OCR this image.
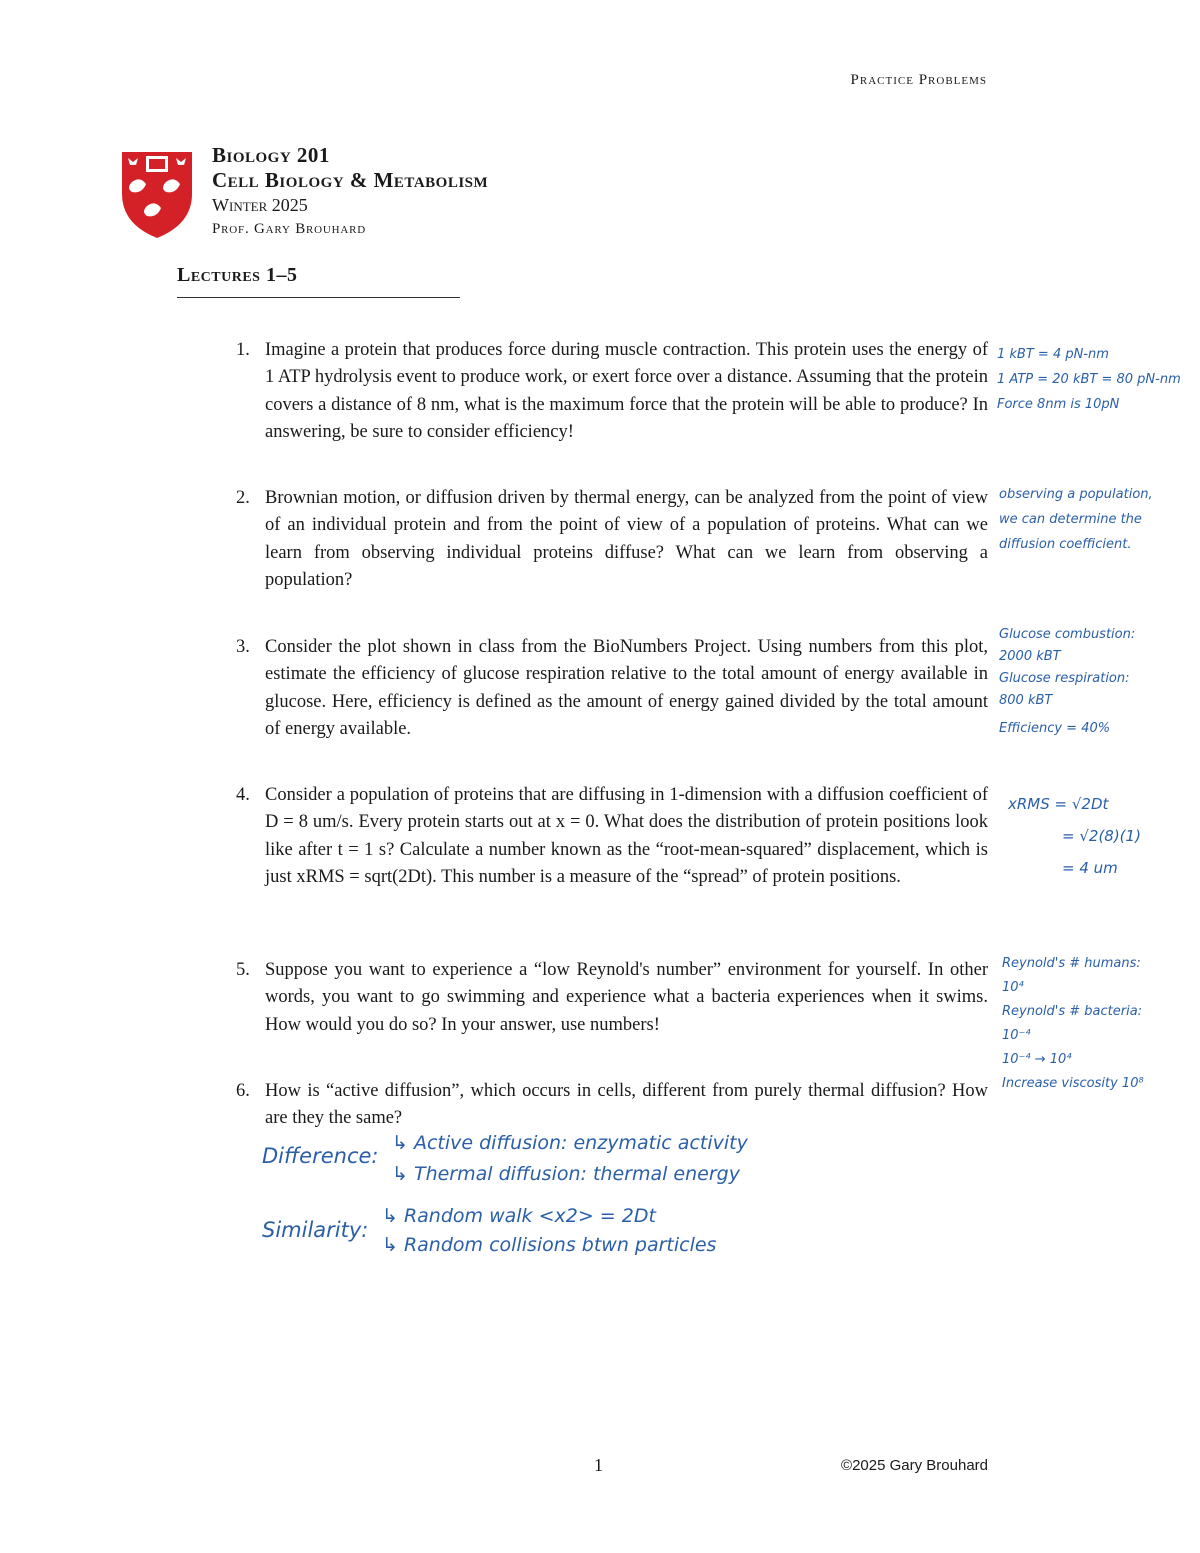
Practice Problems
Biology 201
Cell Biology & Metabolism
Winter 2025
Prof. Gary Brouhard
Lectures 1–5
1. Imagine a protein that produces force during muscle contraction. This protein uses the energy of 1 ATP hydrolysis event to produce work, or exert force over a distance. Assuming that the protein covers a distance of 8 nm, what is the maximum force that the protein will be able to produce? In answering, be sure to consider efficiency!
2. Brownian motion, or diffusion driven by thermal energy, can be analyzed from the point of view of an individual protein and from the point of view of a population of proteins. What can we learn from observing individual proteins diffuse? What can we learn from observing a population?
3. Consider the plot shown in class from the BioNumbers Project. Using numbers from this plot, estimate the efficiency of glucose respiration relative to the total amount of energy available in glucose. Here, efficiency is defined as the amount of energy gained divided by the total amount of energy available.
4. Consider a population of proteins that are diffusing in 1-dimension with a diffusion coefficient of D = 8 um/s. Every protein starts out at x = 0. What does the distribution of protein positions look like after t = 1 s? Calculate a number known as the “root-mean-squared” displacement, which is just xRMS = sqrt(2Dt). This number is a measure of the “spread” of protein positions.
5. Suppose you want to experience a “low Reynold's number” environment for yourself. In other words, you want to go swimming and experience what a bacteria experiences when it swims. How would you do so? In your answer, use numbers!
6. How is “active diffusion”, which occurs in cells, different from purely thermal diffusion? How are they the same?
1 kBT = 4 pN-nm
1 ATP = 20 kBT = 80 pN-nm
Force 8nm is 10pN
observing a population,
we can determine the
diffusion coefficient.
Glucose combustion:
2000 kBT
Glucose respiration:
800 kBT
Efficiency = 40%
xRMS = √2Dt
= √2(8)(1)
= 4 um
Reynold's # humans:
10⁴
Reynold's # bacteria:
10⁻⁴
10⁻⁴ → 10⁴
Increase viscosity 10⁸
Difference:
↳ Active diffusion: enzymatic activity
↳ Thermal diffusion: thermal energy
Similarity:
↳ Random walk <x2> = 2Dt
↳ Random collisions btwn particles
1	©2025 Gary Brouhard
